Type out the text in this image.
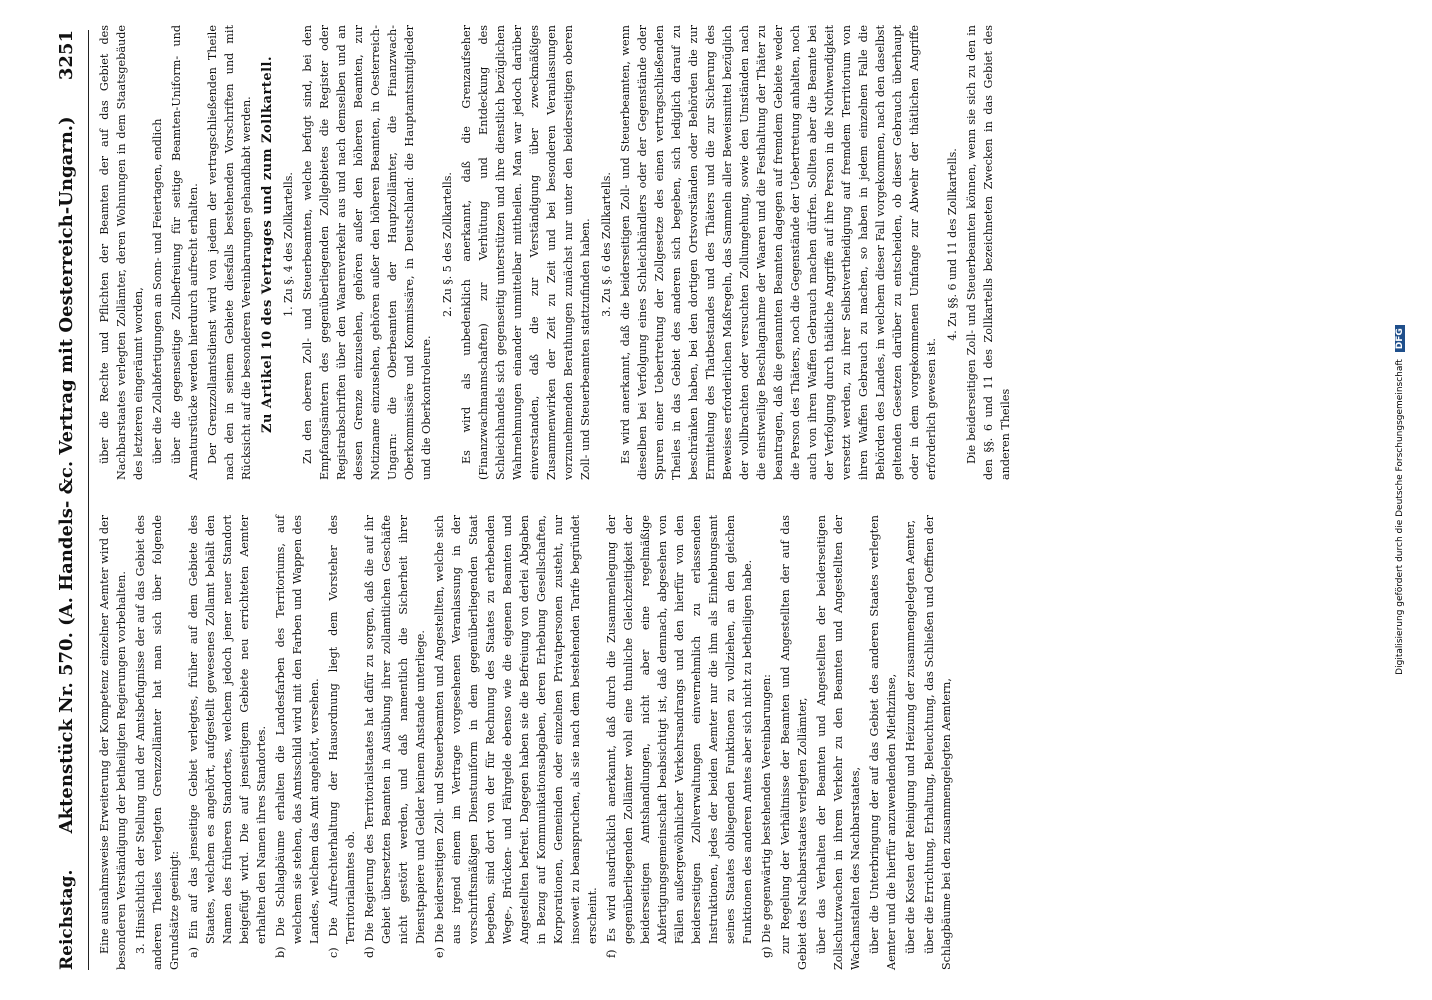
Reichstag.
Aktenstück Nr. 570. (A. Handels- &c. Vertrag mit Oesterreich-Ungarn.)
3251

Eine ausnahmsweise Erweiterung der Kompetenz einzelner Aemter wird der besonderen Verständigung der betheiligten Regierungen vorbehalten. 3. Hinsichtlich der Stellung und der Amtsbefugnisse der auf das Gebiet des anderen Theiles verlegten Grenzzollämter hat man sich über folgende Grundsätze geeinigt: a) Ein auf das jenseitige Gebiet verlegtes, früher auf dem Gebiete des Staates, welchem es angehört, aufgestellt gewesenes Zollamt behält den Namen des früheren Standortes, welchem jedoch jener neuer Standort beigefügt wird. Die auf jenseitigem Gebiete neu errichteten Aemter erhalten den Namen ihres Standortes. b) Die Schlagbäume erhalten die Landesfarben des Territoriums, auf welchem sie stehen, das Amtsschild wird mit den Farben und Wappen des Landes, welchem das Amt angehört, versehen. c) Die Aufrechterhaltung der Hausordnung liegt dem Vorsteher des Territorialamtes ob. d) Die Regierung des Territorialstaates hat dafür zu sorgen, daß die auf ihr Gebiet übersetzten Beamten in Ausübung ihrer zollamtlichen Geschäfte nicht gestört werden, und daß namentlich die Sicherheit ihrer Dienstpapiere und Gelder keinem Anstande unterliege. e) Die beiderseitigen Zoll- und Steuerbeamten und Angestellten, welche sich aus irgend einem im Vertrage vorgesehenen Veranlassung in der vorschriftsmäßigen Dienstuniform in dem gegenüberliegenden Staat begeben, sind dort von der für Rechnung des Staates zu erhebenden Wege-, Brücken- und Fährgelde ebenso wie die eigenen Beamten und Angestellten befreit. Dagegen haben sie die Befreiung von derlei Abgaben in Bezug auf Kommunikationsabgaben, deren Erhebung Gesellschaften, Korporationen, Gemeinden oder einzelnen Privatpersonen zusteht, nur insoweit zu beanspruchen, als sie nach dem bestehenden Tarife begründet erscheint. f) Es wird ausdrücklich anerkannt, daß durch die Zusammenlegung der gegenüberliegenden Zollämter wohl eine thunliche Gleichzeitigkeit der beiderseitigen Amtshandlungen, nicht aber eine regelmäßige Abfertigungsgemeinschaft beabsichtigt ist, daß demnach, abgesehen von Fällen außergewöhnlicher Verkehrsandrangs und den hierfür von den beiderseitigen Zollverwaltungen einvernehmlich zu erlassenden Instruktionen, jedes der beiden Aemter nur die ihm als Einhebungsamt seines Staates obliegenden Funktionen zu vollziehen, an den gleichen Funktionen des anderen Amtes aber sich nicht zu betheiligen habe. g) Die gegenwärtig bestehenden Vereinbarungen: zur Regelung der Verhältnisse der Beamten und Angestellten der auf das Gebiet des Nachbarstaates verlegten Zollämter, über das Verhalten der Beamten und Angestellten der beiderseitigen Zollschutzwachen in ihrem Verkehr zu den Beamten und Angestellten der Wachanstalten des Nachbarstaates, über die Unterbringung der auf das Gebiet des anderen Staates verlegten Aemter und die hierfür anzuwendenden Miethzinse, über die Kosten der Reinigung und Heizung der zusammengelegten Aemter, über die Errichtung, Erhaltung, Beleuchtung, das Schließen und Oeffnen der Schlagbäume bei den zusammengelegten Aemtern,

über die Rechte und Pflichten der Beamten der auf das Gebiet des Nachbarstaates verlegten Zollämter, deren Wohnungen in dem Staatsgebäude des letzteren eingeräumt worden, über die Zollabfertigungen an Sonn- und Feiertagen, endlich über die gegenseitige Zollbefreiung für seitige Beamten-Uniform- und Armaturstücke werden hierdurch aufrecht erhalten. Der Grenzzollamtsdienst wird von jedem der vertragschließenden Theile nach den in seinem Gebiete diesfalls bestehenden Vorschriften und mit Rücksicht auf die besonderen Vereinbarungen gehandhabt werden. Zu Artikel 10 des Vertrages und zum Zollkartell. 1. Zu §. 4 des Zollkartells. Zu den oberen Zoll- und Steuerbeamten, welche befugt sind, bei den Empfangsämtern des gegenüberliegenden Zollgebietes die Register oder Registrabschriften über den Waarenverkehr aus und nach demselben und an dessen Grenze einzusehen, gehören außer den höheren Beamten, zur Notizname einzusehen, gehören außer den höheren Beamten, in Oesterreich-Ungarn: die Oberbeamten der Hauptzollämter, die Finanzwach-Oberkommissäre und Kommissäre, in Deutschland: die Hauptamtsmitglieder und die Oberkontroleure.

2. Zu §. 5 des Zollkartells. Es wird als unbedenklich anerkannt, daß die Grenzaufseher (Finanzwachmannschaften) zur Verhütung und Entdeckung des Schleichhandels sich gegenseitig unterstützen und ihre dienstlich bezüglichen Wahrnehmungen einander unmittelbar mittheilen. Man war jedoch darüber einverstanden, daß die zur Verständigung über zweckmäßiges Zusammenwirken der Zeit zu Zeit und bei besonderen Veranlassungen vorzunehmenden Berathungen zunächst nur unter den beiderseitigen oberen Zoll- und Steuerbeamten stattzufinden haben. 3. Zu §. 6 des Zollkartells. Es wird anerkannt, daß die beiderseitigen Zoll- und Steuerbeamten, wenn dieselben bei Verfolgung eines Schleichhändlers oder der Gegenstände oder Spuren einer Uebertretung der Zollgesetze des einen vertragschließenden Theiles in das Gebiet des anderen sich begeben, sich lediglich darauf zu beschränken haben, bei den dortigen Ortsvorständen oder Behörden die zur Ermittelung des Thatbestandes und des Thäters und die zur Sicherung des Beweises erforderlichen Maßregeln, das Sammeln aller Beweismittel bezüglich der vollbrachten oder versuchten Zollumgehung, sowie den Umständen nach die einstweilige Beschlagnahme der Waaren und die Festhaltung der Thäter zu beantragen, daß die genannten Beamten dagegen auf fremdem Gebiete weder die Person des Thäters, noch die Gegenstände der Uebertretung anhalten, noch auch von ihren Waffen Gebrauch machen dürfen. Sollten aber die Beamte bei der Verfolgung durch thätliche Angriffe auf ihre Person in die Nothwendigkeit versetzt werden, zu ihrer Selbstvertheidigung auf fremdem Territorium von ihren Waffen Gebrauch zu machen, so haben in jedem einzelnen Falle die Behörden des Landes, in welchem dieser Fall vorgekommen, nach den daselbst geltenden Gesetzen darüber zu entscheiden, ob dieser Gebrauch überhaupt oder in dem vorgekommenen Umfange zur Abwehr der thätlichen Angriffe erforderlich gewesen ist.

4. Zu §§. 6 und 11 des Zollkartells. Die beiderseitigen Zoll- und Steuerbeamten können, wenn sie sich zu den in den §§. 6 und 11 des Zollkartells bezeichneten Zwecken in das Gebiet des anderen Theiles	Digitalisierung gefördert durch die Deutsche Forschungsgemeinschaft DFG
